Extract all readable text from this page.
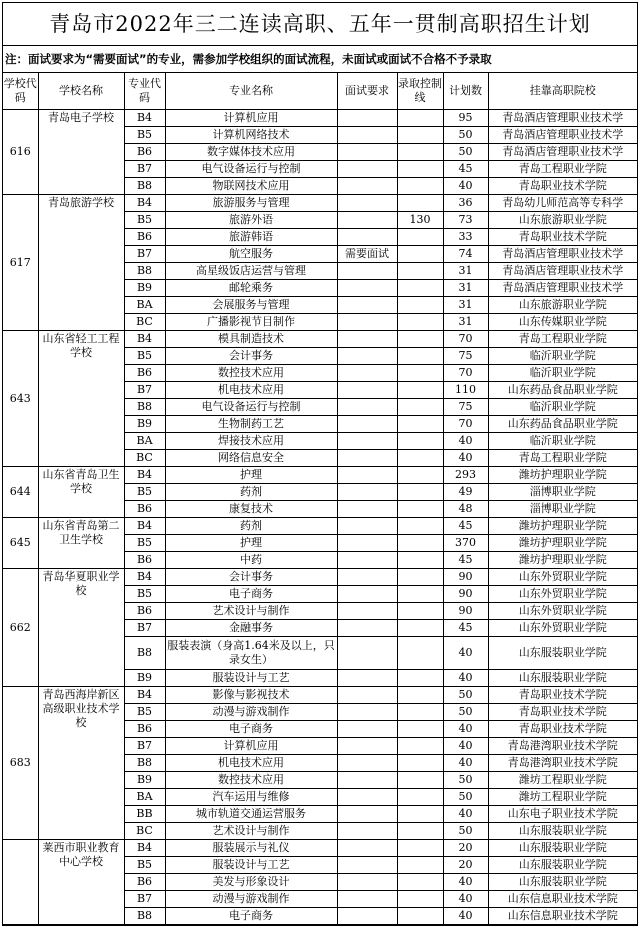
青岛市2022年三二连读高职、五年一贯制高职招生计划
注：面试要求为“需要面试”的专业，需参加学校组织的面试流程，未面试或面试不合格不予录取
学校代码	学校名称	专业代码	专业名称	面试要求	录取控制线	计划数	挂靠高职院校
616	青岛电子学校	B4	计算机应用			95	青岛酒店管理职业技术学
		B5	计算机网络技术			50	青岛酒店管理职业技术学
		B6	数字媒体技术应用			50	青岛酒店管理职业技术学
		B7	电气设备运行与控制			45	青岛工程职业学院
		B8	物联网技术应用			40	青岛职业技术学院
617	青岛旅游学校	B4	旅游服务与管理			36	青岛幼儿师范高等专科学
		B5	旅游外语		130	73	山东旅游职业学院
		B6	旅游韩语			33	青岛职业技术学院
		B7	航空服务	需要面试		74	青岛酒店管理职业技术学
		B8	高星级饭店运营与管理			31	青岛酒店管理职业技术学
		B9	邮轮乘务			31	青岛酒店管理职业技术学
		BA	会展服务与管理			31	山东旅游职业学院
		BC	广播影视节目制作			31	山东传媒职业学院
643	山东省轻工工程学校	B4	模具制造技术			70	青岛工程职业学院
		B5	会计事务			75	临沂职业学院
		B6	数控技术应用			70	临沂职业学院
		B7	机电技术应用			110	山东药品食品职业学院
		B8	电气设备运行与控制			75	临沂职业学院
		B9	生物制药工艺			70	山东药品食品职业学院
		BA	焊接技术应用			40	临沂职业学院
		BC	网络信息安全			40	青岛工程职业学院
644	山东省青岛卫生学校	B4	护理			293	潍坊护理职业学院
		B5	药剂			49	淄博职业学院
		B6	康复技术			48	淄博职业学院
645	山东省青岛第二卫生学校	B4	药剂			45	潍坊护理职业学院
		B5	护理			370	潍坊护理职业学院
		B6	中药			45	潍坊护理职业学院
662	青岛华夏职业学校	B4	会计事务			90	山东外贸职业学院
		B5	电子商务			90	山东外贸职业学院
		B6	艺术设计与制作			90	山东外贸职业学院
		B7	金融事务			45	山东外贸职业学院
		B8	服装表演（身高1.64米及以上，只录女生）			40	山东服装职业学院
		B9	服装设计与工艺			40	山东服装职业学院
683	青岛西海岸新区高级职业技术学校	B4	影像与影视技术			50	青岛职业技术学院
		B5	动漫与游戏制作			50	青岛职业技术学院
		B6	电子商务			40	青岛职业技术学院
		B7	计算机应用			40	青岛港湾职业技术学院
		B8	机电技术应用			40	青岛港湾职业技术学院
		B9	数控技术应用			50	潍坊工程职业学院
		BA	汽车运用与维修			50	潍坊工程职业学院
		BB	城市轨道交通运营服务			40	山东电子职业技术学院
		BC	艺术设计与制作			50	山东服装职业学院
	莱西市职业教育中心学校	B4	服装展示与礼仪			20	山东服装职业学院
		B5	服装设计与工艺			20	山东服装职业学院
		B6	美发与形象设计			40	山东服装职业学院
		B7	动漫与游戏制作			40	山东信息职业技术学院
		B8	电子商务			40	山东信息职业技术学院
